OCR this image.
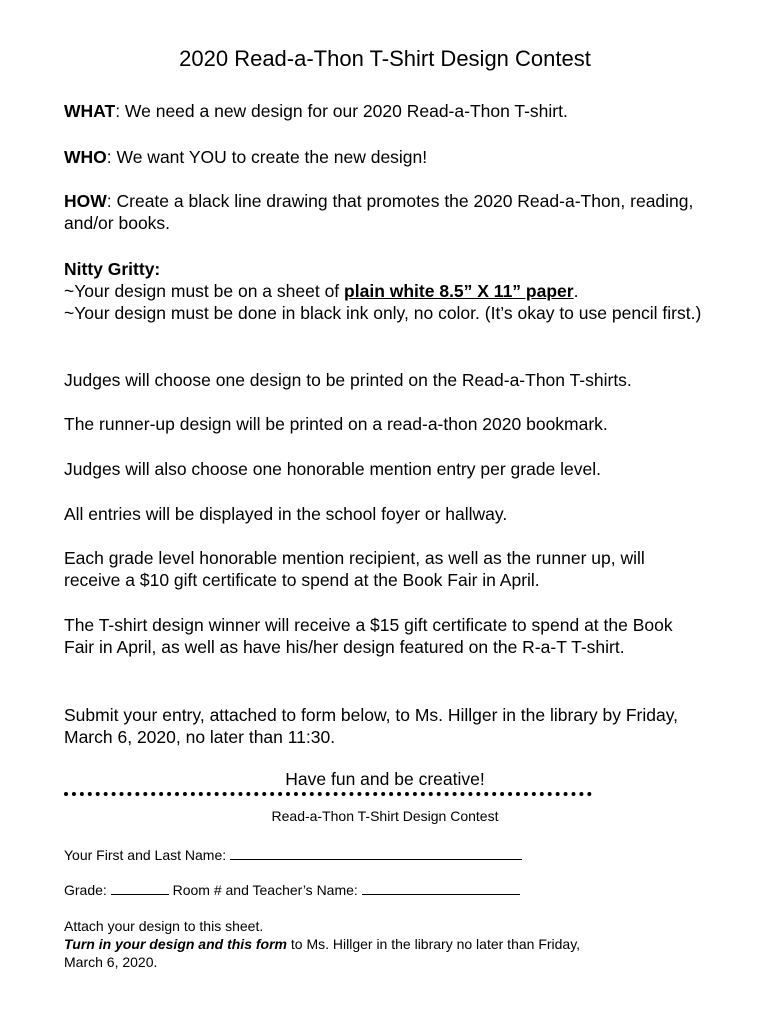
2020 Read-a-Thon T-Shirt Design Contest
WHAT: We need a new design for our 2020 Read-a-Thon T-shirt.
WHO: We want YOU to create the new design!
HOW: Create a black line drawing that promotes the 2020 Read-a-Thon, reading, and/or books.
Nitty Gritty:
~Your design must be on a sheet of plain white 8.5” X 11” paper.
~Your design must be done in black ink only, no color. (It’s okay to use pencil first.)
Judges will choose one design to be printed on the Read-a-Thon T-shirts.
The runner-up design will be printed on a read-a-thon 2020 bookmark.
Judges will also choose one honorable mention entry per grade level.
All entries will be displayed in the school foyer or hallway.
Each grade level honorable mention recipient, as well as the runner up, will receive a $10 gift certificate to spend at the Book Fair in April.
The T-shirt design winner will receive a $15 gift certificate to spend at the Book Fair in April, as well as have his/her design featured on the R-a-T T-shirt.
Submit your entry, attached to form below, to Ms. Hillger in the library by Friday, March 6, 2020, no later than 11:30.
Have fun and be creative!
Read-a-Thon T-Shirt Design Contest
Your First and Last Name:
Grade:	Room # and Teacher’s Name:
Attach your design to this sheet.
Turn in your design and this form to Ms. Hillger in the library no later than Friday, March 6, 2020.
